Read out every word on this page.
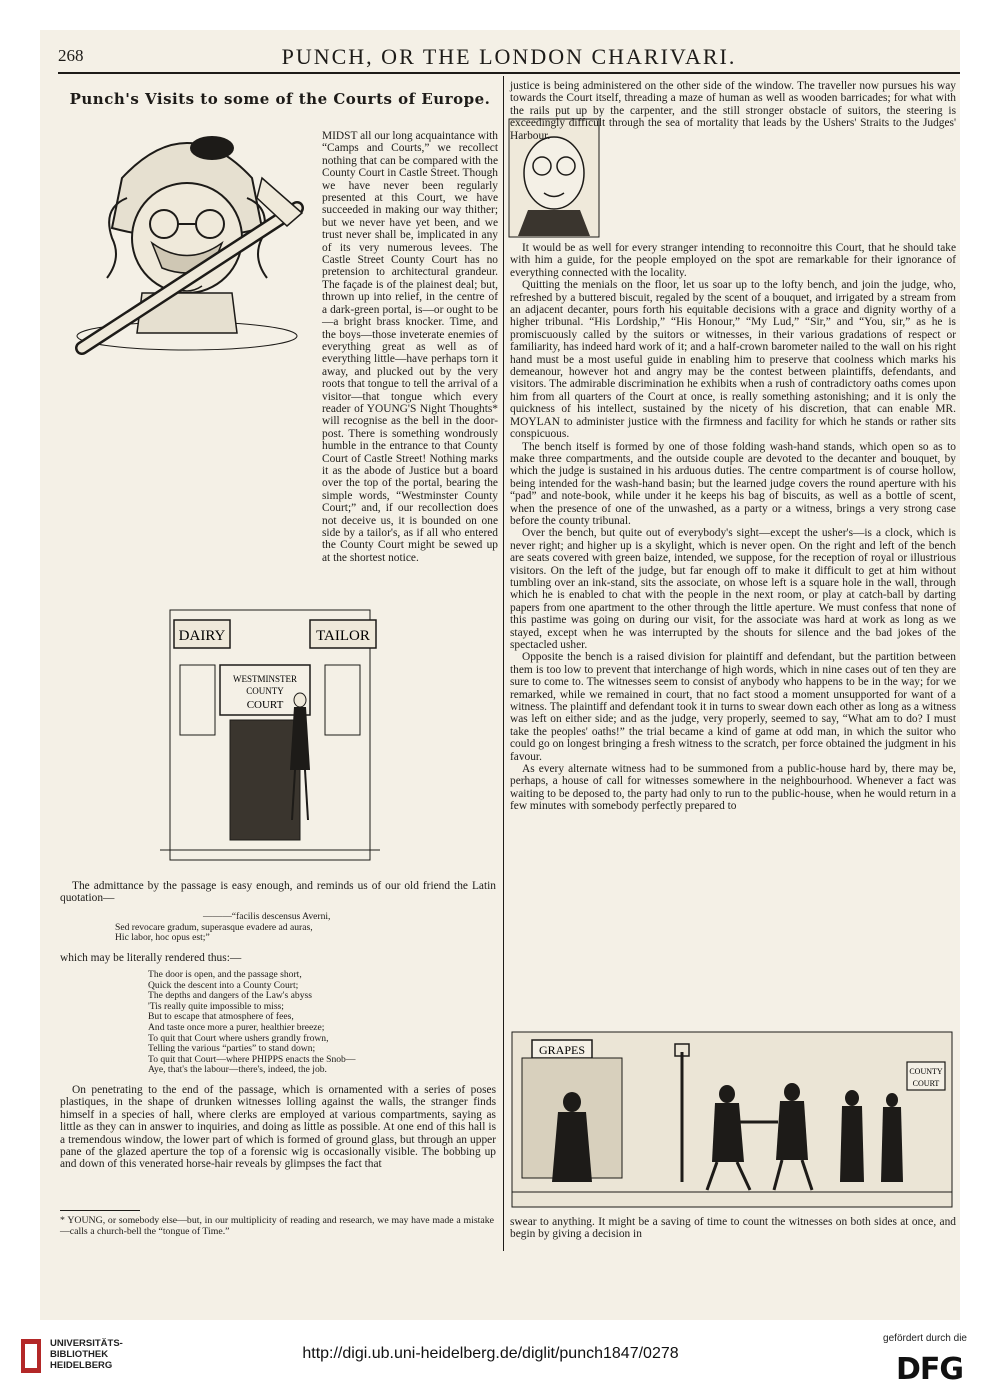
268	PUNCH, OR THE LONDON CHARIVARI.
Punch's Visits to some of the Courts of Europe.

MIDST all our long acquaintance with “Camps and Courts,” we recollect nothing that can be compared with the County Court in Castle Street. Though we have never been regularly presented at this Court, we have succeeded in making our way thither; but we never have yet been, and we trust never shall be, implicated in any of its very numerous levees. The Castle Street County Court has no pretension to architectural grandeur. The façade is of the plainest deal; but, thrown up into relief, in the centre of a dark-green portal, is—or ought to be—a bright brass knocker. Time, and the boys—those inveterate enemies of everything great as well as of everything little—have perhaps torn it away, and plucked out by the very roots that tongue to tell the arrival of a visitor—that tongue which every reader of YOUNG'S Night Thoughts* will recognise as the bell in the door-post. There is something wondrously humble in the entrance to that County Court of Castle Street! Nothing marks it as the abode of Justice but a board over the top of the portal, bearing the simple words, “Westminster County Court;” and, if our recollection does not deceive us, it is bounded on one side by a tailor's, as if all who entered the County Court might be sewed up at the shortest notice.

DAIRY	TAILOR
WESTMINSTER
COUNTY
COURT

The admittance by the passage is easy enough, and reminds us of our old friend the Latin quotation—

———“facilis descensus Averni,
Sed revocare gradum, superasque evadere ad auras,
Hic labor, hoc opus est;”

which may be literally rendered thus:—

The door is open, and the passage short,
Quick the descent into a County Court;
The depths and dangers of the Law's abyss
'Tis really quite impossible to miss;
But to escape that atmosphere of fees,
And taste once more a purer, healthier breeze;
To quit that Court where ushers grandly frown,
Telling the various “parties” to stand down;
To quit that Court—where PHIPPS enacts the Snob—
Aye, that's the labour—there's, indeed, the job.

On penetrating to the end of the passage, which is ornamented with a series of poses plastiques, in the shape of drunken witnesses lolling against the walls, the stranger finds himself in a species of hall, where clerks are employed at various compartments, saying as little as they can in answer to inquiries, and doing as little as possible. At one end of this hall is a tremendous window, the lower part of which is formed of ground glass, but through an upper pane of the glazed aperture the top of a forensic wig is occasionally visible. The bobbing up and down of this venerated horse-hair reveals by glimpses the fact that

* YOUNG, or somebody else—but, in our multiplicity of reading and research, we may have made a mistake—calls a church-bell the “tongue of Time.”

justice is being administered on the other side of the window. The traveller now pursues his way towards the Court itself, threading a maze of human as well as wooden barricades; for what with the rails put up by the carpenter, and the still stronger obstacle of suitors, the steering is exceedingly difficult through the sea of mortality that leads by the Ushers' Straits to the Judges' Harbour.

It would be as well for every stranger intending to reconnoitre this Court, that he should take with him a guide, for the people employed on the spot are remarkable for their ignorance of everything connected with the locality.

Quitting the menials on the floor, let us soar up to the lofty bench, and join the judge, who, refreshed by a buttered biscuit, regaled by the scent of a bouquet, and irrigated by a stream from an adjacent decanter, pours forth his equitable decisions with a grace and dignity worthy of a higher tribunal. “His Lordship,” “His Honour,” “My Lud,” “Sir,” and “You, sir,” as he is promiscuously called by the suitors or witnesses, in their various gradations of respect or familiarity, has indeed hard work of it; and a half-crown barometer nailed to the wall on his right hand must be a most useful guide in enabling him to preserve that coolness which marks his demeanour, however hot and angry may be the contest between plaintiffs, defendants, and visitors. The admirable discrimination he exhibits when a rush of contradictory oaths comes upon him from all quarters of the Court at once, is really something astonishing; and it is only the quickness of his intellect, sustained by the nicety of his discretion, that can enable MR. MOYLAN to administer justice with the firmness and facility for which he stands or rather sits conspicuous.

The bench itself is formed by one of those folding wash-hand stands, which open so as to make three compartments, and the outside couple are devoted to the decanter and bouquet, by which the judge is sustained in his arduous duties. The centre compartment is of course hollow, being intended for the wash-hand basin; but the learned judge covers the round aperture with his “pad” and note-book, while under it he keeps his bag of biscuits, as well as a bottle of scent, when the presence of one of the unwashed, as a party or a witness, brings a very strong case before the county tribunal.

Over the bench, but quite out of everybody's sight—except the usher's—is a clock, which is never right; and higher up is a skylight, which is never open. On the right and left of the bench are seats covered with green baize, intended, we suppose, for the reception of royal or illustrious visitors. On the left of the judge, but far enough off to make it difficult to get at him without tumbling over an ink-stand, sits the associate, on whose left is a square hole in the wall, through which he is enabled to chat with the people in the next room, or play at catch-ball by darting papers from one apartment to the other through the little aperture. We must confess that none of this pastime was going on during our visit, for the associate was hard at work as long as we stayed, except when he was interrupted by the shouts for silence and the bad jokes of the spectacled usher.

Opposite the bench is a raised division for plaintiff and defendant, but the partition between them is too low to prevent that interchange of high words, which in nine cases out of ten they are sure to come to. The witnesses seem to consist of anybody who happens to be in the way; for we remarked, while we remained in court, that no fact stood a moment unsupported for want of a witness. The plaintiff and defendant took it in turns to swear down each other as long as a witness was left on either side; and as the judge, very properly, seemed to say, “What am to do? I must take the peoples' oaths!” the trial became a kind of game at odd man, in which the suitor who could go on longest bringing a fresh witness to the scratch, per force obtained the judgment in his favour.

As every alternate witness had to be summoned from a public-house hard by, there may be, perhaps, a house of call for witnesses somewhere in the neighbourhood. Whenever a fact was waiting to be deposed to, the party had only to run to the public-house, when he would return in a few minutes with somebody perfectly prepared to

GRAPES
COUNTY
COURT

swear to anything. It might be a saving of time to count the witnesses on both sides at once, and begin by giving a decision in

UNIVERSITÄTS-
BIBLIOTHEK
HEIDELBERG
http://digi.ub.uni-heidelberg.de/diglit/punch1847/0278
gefördert durch die
DFG
